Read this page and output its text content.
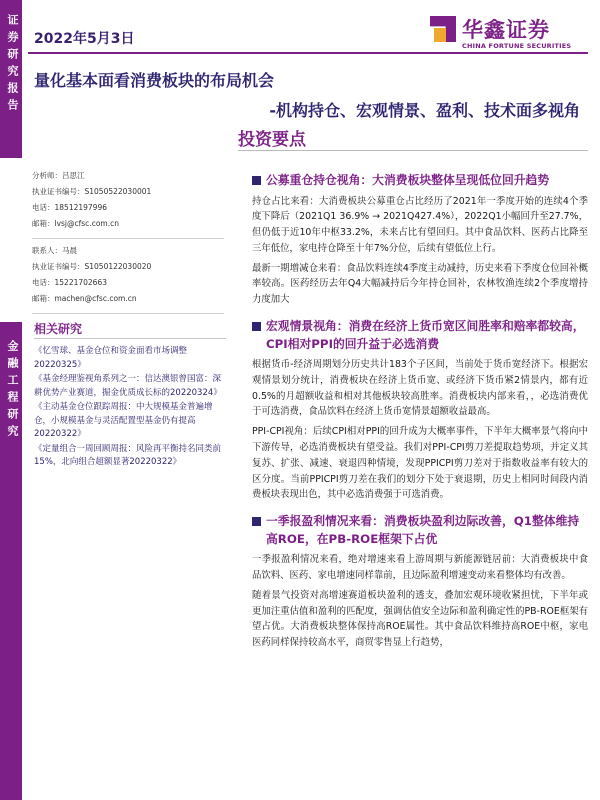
证券研究报告
金融工程研究
2022年5月3日	华鑫证券
CHINA FORTUNE SECURITIES
量化基本面看消费板块的布局机会
-机构持仓、宏观情景、盈利、技术面多视角
投资要点
分析师：吕思江
执业证书编号：S1050522030001
电话：18512197996
邮箱：lvsj@cfsc.com.cn
联系人：马晨
执业证书编号：S1050122030020
电话：15221702663
邮箱：machen@cfsc.com.cn
相关研究

《忆雪球、基金仓位和资金面看市场调整20220325》

《基金经理鉴视角系列之一：信达澳银曾国富：深耕优势产业赛道，掘金优质成长标的20220324》

《主动基金仓位跟踪周报：中大规模基金普遍增仓，小规模基金与灵活配置型基金仍有提高20220322》

《定量组合一周回顾周报：风险再平衡持名同类前15%，北向组合超额显著20220322》

公募重仓持仓视角：大消费板块整体呈现低位回升趋势

持仓占比来看：大消费板块公募重仓占比经历了2021年一季度开始的连续4个季度下降后（2021Q1 36.9% → 2021Q427.4%），2022Q1小幅回升至27.7%，但仍低于近10年中枢33.2%，未来占比有望回归。其中食品饮料、医药占比降至三年低位，家电持仓降至十年7%分位，后续有望低位上行。

最新一期增减仓来看：食品饮料连续4季度主动减持，历史来看下季度仓位回补概率较高。医药经历去年Q4大幅减持后今年持仓回补，农林牧渔连续2个季度增持力度加大

宏观情景视角：消费在经济上货币宽区间胜率和赔率都较高，CPI相对PPI的回升益于必选消费

根据货币-经济周期划分历史共计183个子区间，当前处于货币宽经济下。根据宏观情景划分统计，消费板块在经济上货币宽、或经济下货币紧2情景内，都有近0.5%的月超额收益和相对其他板块较高胜率。消费板块内部来看，，必选消费优于可选消费，食品饮料在经济上货币宽情景超额收益最高。

PPI-CPI视角：后续CPI相对PPI的回升成为大概率事件，下半年大概率景气将向中下游传导，必选消费板块有望受益。我们对PPI-CPI剪刀差提取趋势项，并定义其复苏、扩张、减速、衰退四种情境，发现PPICPI剪刀差对于指数收益率有较大的区分度。当前PPICPI剪刀差在我们的划分下处于衰退期，历史上相同时间段内消费板块表现出色，其中必选消费强于可选消费。

一季报盈利情况来看：消费板块盈利边际改善，Q1整体维持高ROE，在PB-ROE框架下占优

一季报盈利情况来看，绝对增速来看上游周期与新能源链居前：大消费板块中食品饮料、医药、家电增速同样靠前，且边际盈利增速变动来看整体均有改善。

随着景气投资对高增速赛道板块盈利的透支，叠加宏观环境收紧担忧，下半年或更加注重估值和盈利的匹配度，强调估值安全边际和盈利确定性的PB-ROE框架有望占优。大消费板块整体保持高ROE属性。其中食品饮料维持高ROE中枢，家电医药同样保持较高水平，商贸零售显上行趋势，
